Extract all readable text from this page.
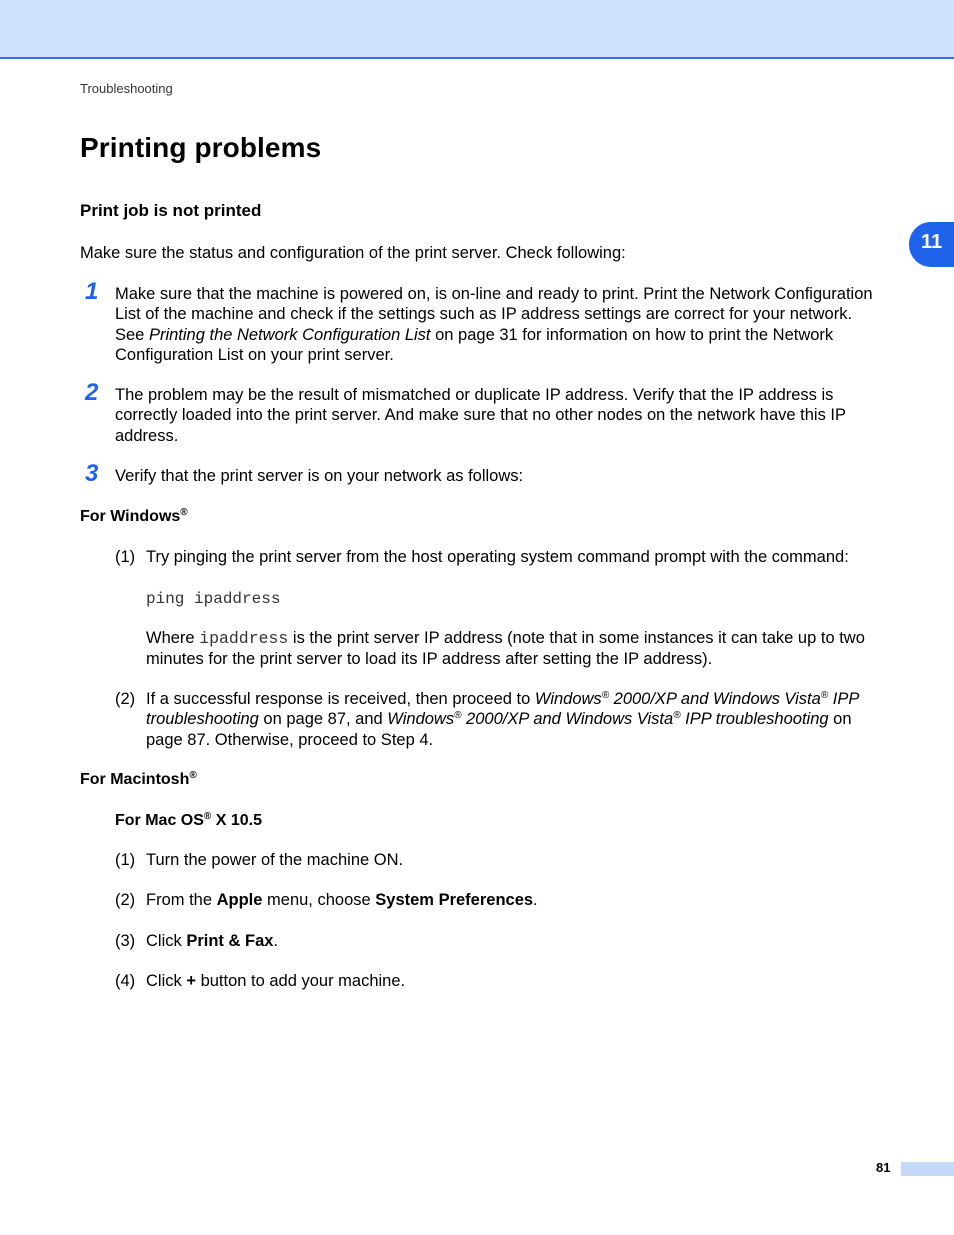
Troubleshooting
Printing problems
11
Print job is not printed

Make sure the status and configuration of the print server. Check following:

1 Make sure that the machine is powered on, is on-line and ready to print. Print the Network Configuration
List of the machine and check if the settings such as IP address settings are correct for your network.
See Printing the Network Configuration List on page 31 for information on how to print the Network
Configuration List on your print server.
2 The problem may be the result of mismatched or duplicate IP address. Verify that the IP address is
correctly loaded into the print server. And make sure that no other nodes on the network have this IP
address.
3 Verify that the print server is on your network as follows:
For Windows®
(1) Try pinging the print server from the host operating system command prompt with the command:
ping ipaddress
Where ipaddress is the print server IP address (note that in some instances it can take up to two
minutes for the print server to load its IP address after setting the IP address).
(2) If a successful response is received, then proceed to Windows® 2000/XP and Windows Vista® IPP
troubleshooting on page 87, and Windows® 2000/XP and Windows Vista® IPP troubleshooting on
page 87. Otherwise, proceed to Step 4.
For Macintosh®
For Mac OS® X 10.5
(1) Turn the power of the machine ON.
(2) From the Apple menu, choose System Preferences.
(3) Click Print & Fax.
(4) Click + button to add your machine.
81
